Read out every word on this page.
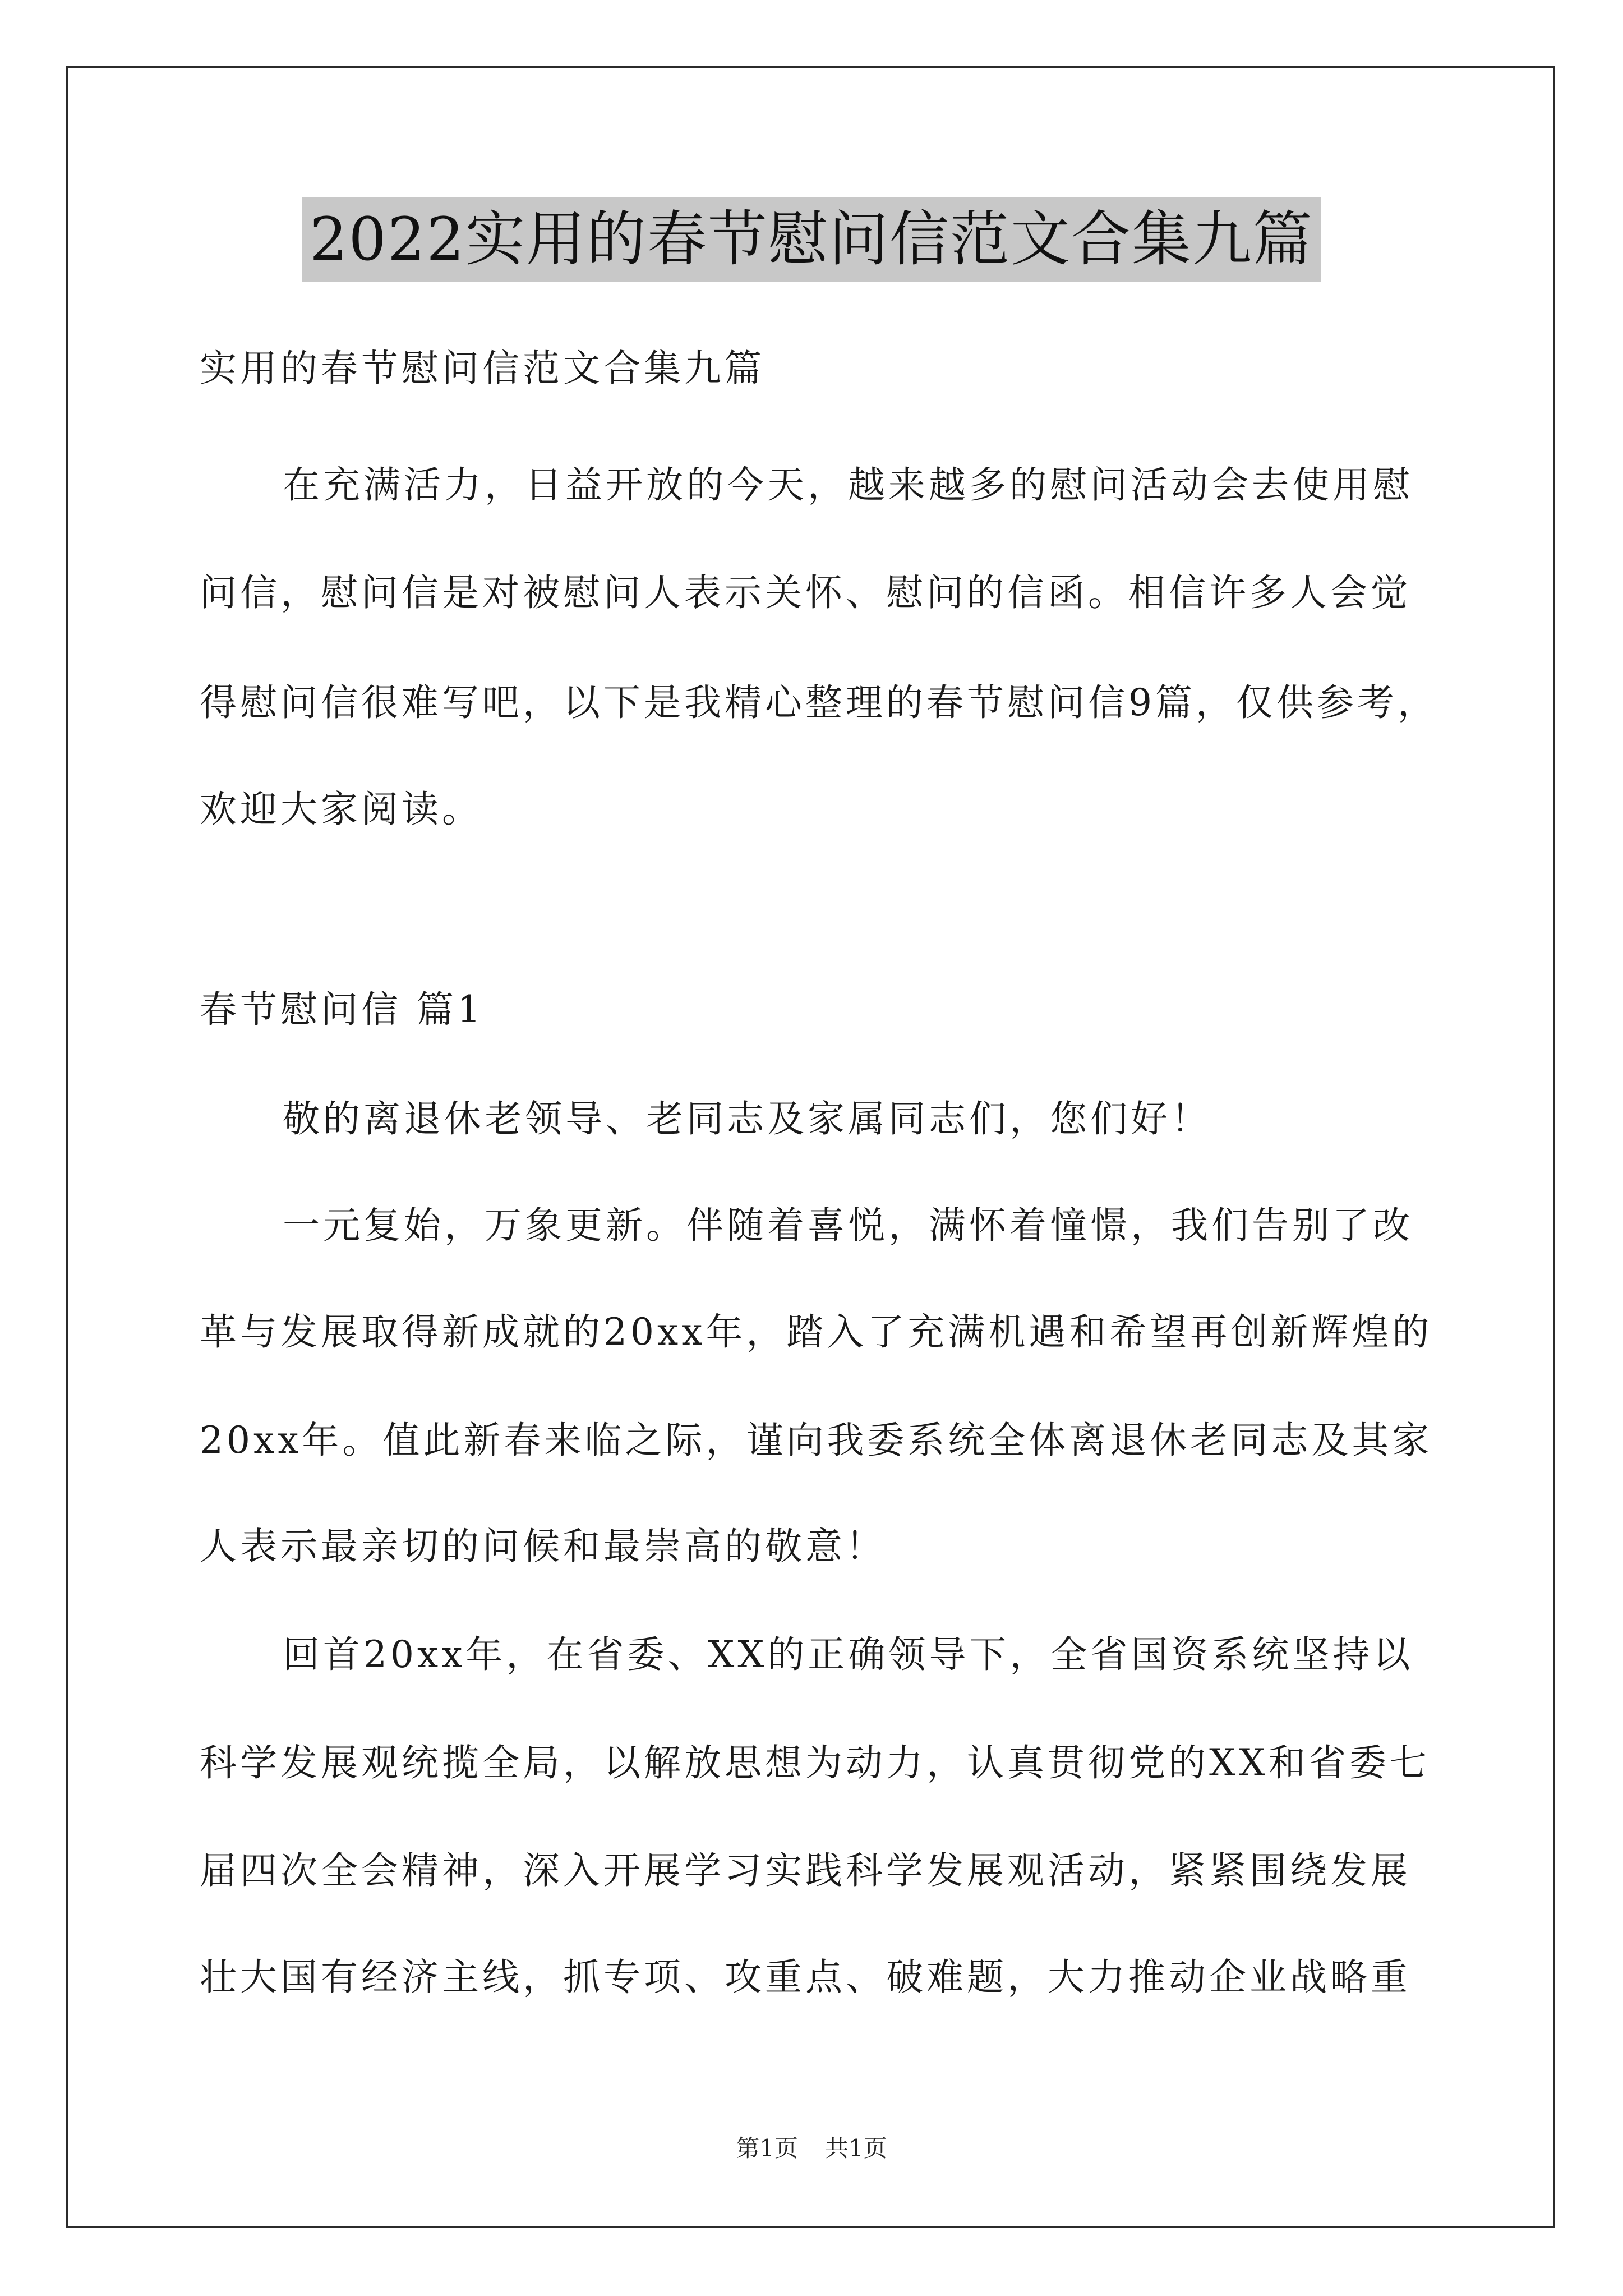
2022实用的春节慰问信范文合集九篇
实用的春节慰问信范文合集九篇
在充满活力，日益开放的今天，越来越多的慰问活动会去使用慰
问信，慰问信是对被慰问人表示关怀、慰问的信函。相信许多人会觉
得慰问信很难写吧，以下是我精心整理的春节慰问信9篇，仅供参考，
欢迎大家阅读。
春节慰问信 篇1
敬的离退休老领导、老同志及家属同志们，您们好！
一元复始，万象更新。伴随着喜悦，满怀着憧憬，我们告别了改
革与发展取得新成就的20xx年，踏入了充满机遇和希望再创新辉煌的
20xx年。值此新春来临之际，谨向我委系统全体离退休老同志及其家
人表示最亲切的问候和最崇高的敬意！
回首20xx年，在省委、XX的正确领导下，全省国资系统坚持以
科学发展观统揽全局，以解放思想为动力，认真贯彻党的XX和省委七
届四次全会精神，深入开展学习实践科学发展观活动，紧紧围绕发展
壮大国有经济主线，抓专项、攻重点、破难题，大力推动企业战略重
第1页 共1页
